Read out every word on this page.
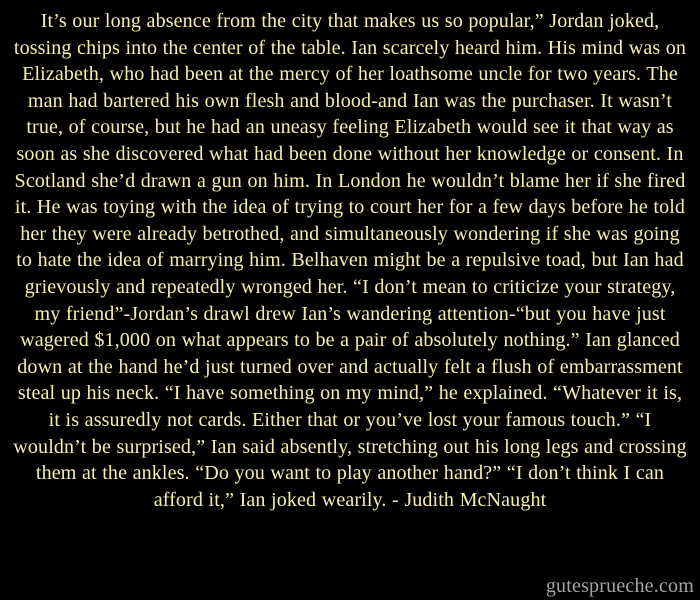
It’s our long absence from the city that makes us so popular,” Jordan joked, tossing chips into the center of the table. Ian scarcely heard him. His mind was on Elizabeth, who had been at the mercy of her loathsome uncle for two years. The man had bartered his own flesh and blood-and Ian was the purchaser. It wasn’t true, of course, but he had an uneasy feeling Elizabeth would see it that way as soon as she discovered what had been done without her knowledge or consent. In Scotland she’d drawn a gun on him. In London he wouldn’t blame her if she fired it. He was toying with the idea of trying to court her for a few days before he told her they were already betrothed, and simultaneously wondering if she was going to hate the idea of marrying him. Belhaven might be a repulsive toad, but Ian had grievously and repeatedly wronged her. “I don’t mean to criticize your strategy, my friend”-Jordan’s drawl drew Ian’s wandering attention-“but you have just wagered $1,000 on what appears to be a pair of absolutely nothing.” Ian glanced down at the hand he’d just turned over and actually felt a flush of embarrassment steal up his neck. “I have something on my mind,” he explained. “Whatever it is, it is assuredly not cards. Either that or you’ve lost your famous touch.” “I wouldn’t be surprised,” Ian said absently, stretching out his long legs and crossing them at the ankles. “Do you want to play another hand?” “I don’t think I can afford it,” Ian joked wearily. - Judith McNaught

gutesprueche.com
